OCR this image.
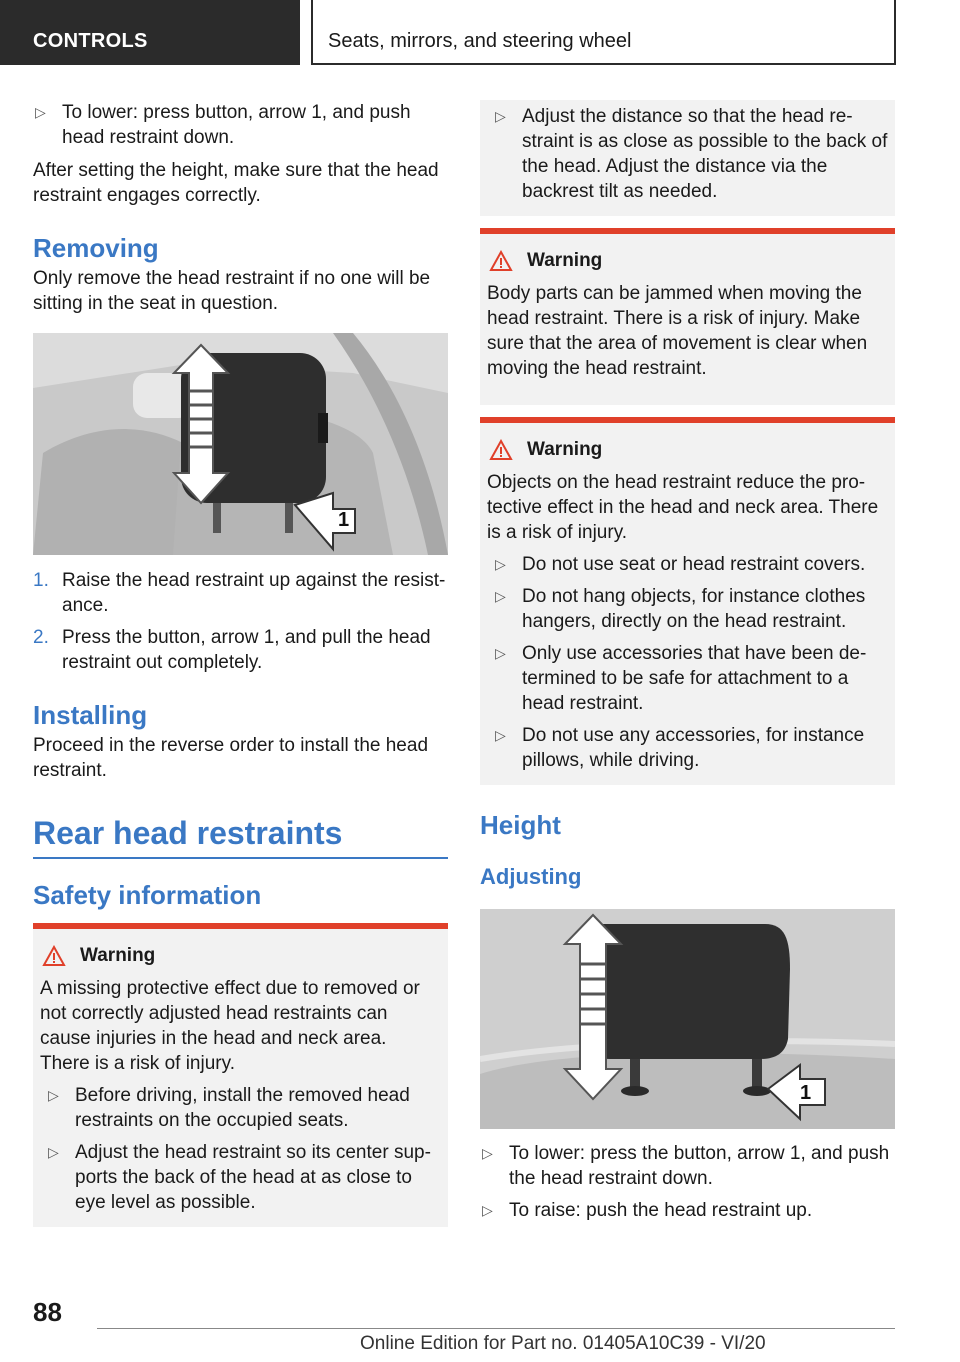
CONTROLS	Seats, mirrors, and steering wheel
▷ To lower: press button, arrow 1, and push head restraint down.

After setting the height, make sure that the head restraint engages correctly.

Removing

Only remove the head restraint if no one will be sitting in the seat in question.

1
1. Raise the head restraint up against the resist-ance.
2. Press the button, arrow 1, and pull the head restraint out completely.
Installing

Proceed in the reverse order to install the head restraint.

Rear head restraints
Safety information
Warning

A missing protective effect due to removed or not correctly adjusted head restraints can cause injuries in the head and neck area. There is a risk of injury.

▷ Before driving, install the removed head restraints on the occupied seats.
▷ Adjust the head restraint so its center sup-ports the back of the head at as close to eye level as possible.
▷ Adjust the distance so that the head re-straint is as close as possible to the back of the head. Adjust the distance via the backrest tilt as needed.
Warning

Body parts can be jammed when moving the head restraint. There is a risk of injury. Make sure that the area of movement is clear when moving the head restraint.

Warning

Objects on the head restraint reduce the pro-tective effect in the head and neck area. There is a risk of injury.

▷ Do not use seat or head restraint covers.
▷ Do not hang objects, for instance clothes hangers, directly on the head restraint.
▷ Only use accessories that have been de-termined to be safe for attachment to a head restraint.
▷ Do not use any accessories, for instance pillows, while driving.
Height
Adjusting
1
▷ To lower: press the button, arrow 1, and push the head restraint down.
▷ To raise: push the head restraint up.
88
Online Edition for Part no. 01405A10C39 - VI/20
